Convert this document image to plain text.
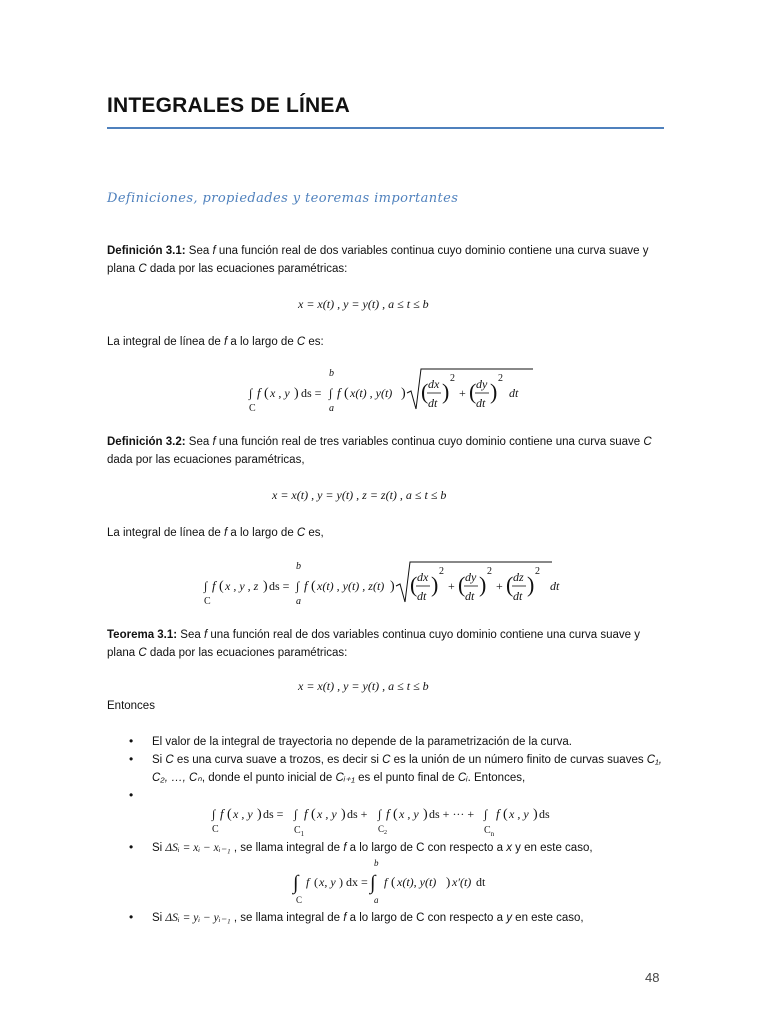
INTEGRALES DE LÍNEA
Definiciones, propiedades y teoremas importantes
Definición 3.1: Sea f una función real de dos variables continua cuyo dominio contiene una curva suave y plana C dada por las ecuaciones paramétricas:
x = x(t) , y = y(t) , a ≤ t ≤ b
La integral de línea de f a lo largo de C es:
∫
C
f ( x , y ) ds =
b
∫
a
f ( x(t) , y(t) ) ( dx
dt )
2
+ ( dy
dt )
2
dt
Definición 3.2: Sea f una función real de tres variables continua cuyo dominio contiene una curva suave C dada por las ecuaciones paramétricas,
x = x(t) , y = y(t) , z = z(t) , a ≤ t ≤ b
La integral de línea de f a lo largo de C es,
∫
C
f ( x , y , z ) ds =
b
∫
a
f ( x(t) , y(t) , z(t) ) ( dx
dt )
2
+ ( dy
dt )
2
+ ( dz
dt )
2
dt
Teorema 3.1: Sea f una función real de dos variables continua cuyo dominio contiene una curva suave y plana C dada por las ecuaciones paramétricas:
x = x(t) , y = y(t) , a ≤ t ≤ b
Entonces
• El valor de la integral de trayectoria no depende de la parametrización de la curva.
• Si C es una curva suave a trozos, es decir si C es la unión de un número finito de curvas suaves C₁, C₂, …, Cₙ, donde el punto inicial de Cᵢ₊₁ es el punto final de Cᵢ. Entonces,
•
∫
C
f ( x , y ) ds = ∫
$C_1$
f ( x , y ) ds + ∫
$C_2$
f ( x , y ) ds + ··· + ∫
$C_n$
f ( x , y ) ds
• Si ΔSᵢ = xᵢ − xᵢ₋₁ , se llama integral de f a lo largo de C con respecto a x y en este caso,
∫
C
f ( x, y ) dx =
b
∫
a
f ( x(t), y(t) ) x′(t) dt
• Si ΔSᵢ = yᵢ − yᵢ₋₁ , se llama integral de f a lo largo de C con respecto a y en este caso,
48
